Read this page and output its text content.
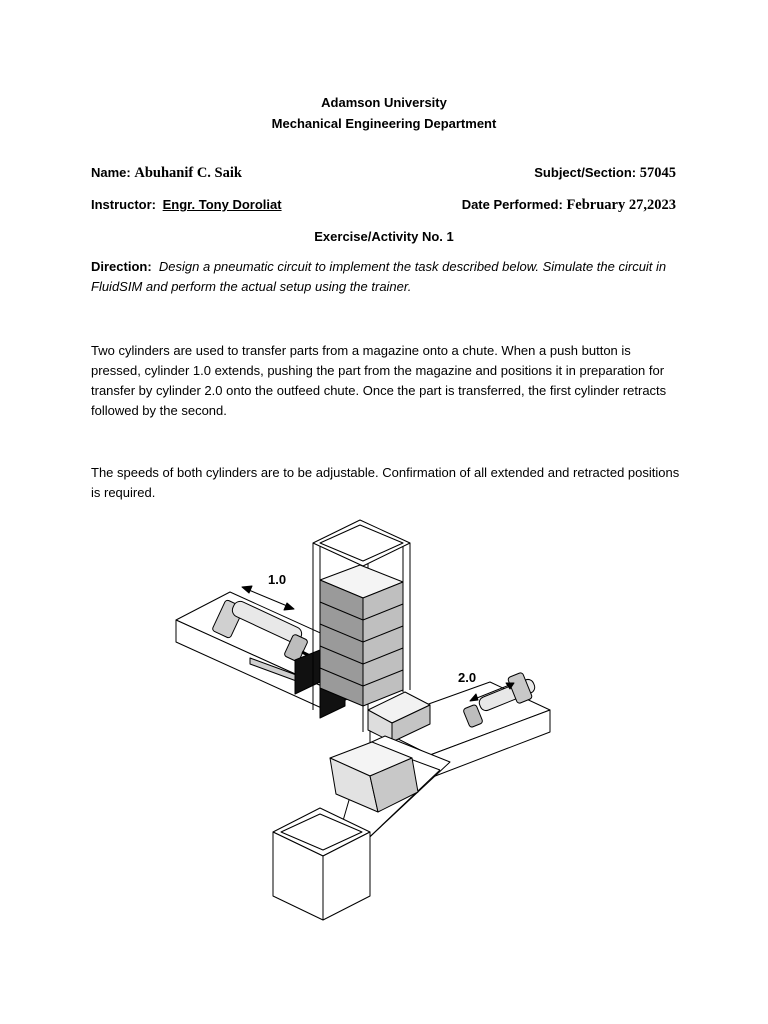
Adamson University
Mechanical Engineering Department
Name: Abuhanif C. Saik	Subject/Section: 57045
Instructor: Engr. Tony Doroliat	Date Performed: February 27,2023
Exercise/Activity No. 1
Direction: Design a pneumatic circuit to implement the task described below. Simulate the circuit in FluidSIM and perform the actual setup using the trainer.
Two cylinders are used to transfer parts from a magazine onto a chute. When a push button is pressed, cylinder 1.0 extends, pushing the part from the magazine and positions it in preparation for transfer by cylinder 2.0 onto the outfeed chute. Once the part is transferred, the first cylinder retracts followed by the second.
The speeds of both cylinders are to be adjustable. Confirmation of all extended and retracted positions is required.
1.0
2.0
